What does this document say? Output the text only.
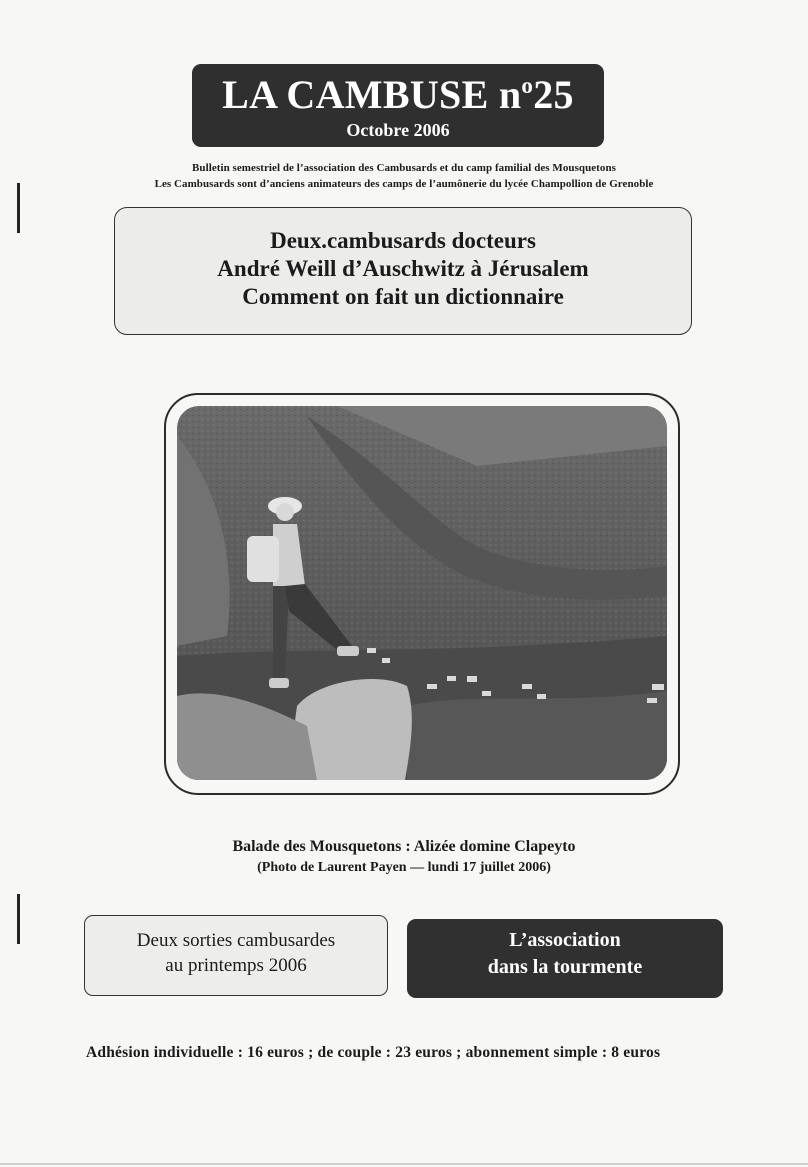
LA CAMBUSE $n^o25$
Octobre 2006
Bulletin semestriel de l’association des Cambusards et du camp familial des Mousquetons
Les Cambusards sont d’anciens animateurs des camps de l’aumônerie du lycée Champollion de Grenoble
Deux.cambusards docteurs
André Weill d’Auschwitz à Jérusalem
Comment on fait un dictionnaire
Balade des Mousquetons : Alizée domine Clapeyto
(Photo de Laurent Payen — lundi 17 juillet 2006)
Deux sorties cambusardes
au printemps 2006
L’association
dans la tourmente
Adhésion individuelle : 16 euros ; de couple : 23 euros ; abonnement simple : 8 euros
